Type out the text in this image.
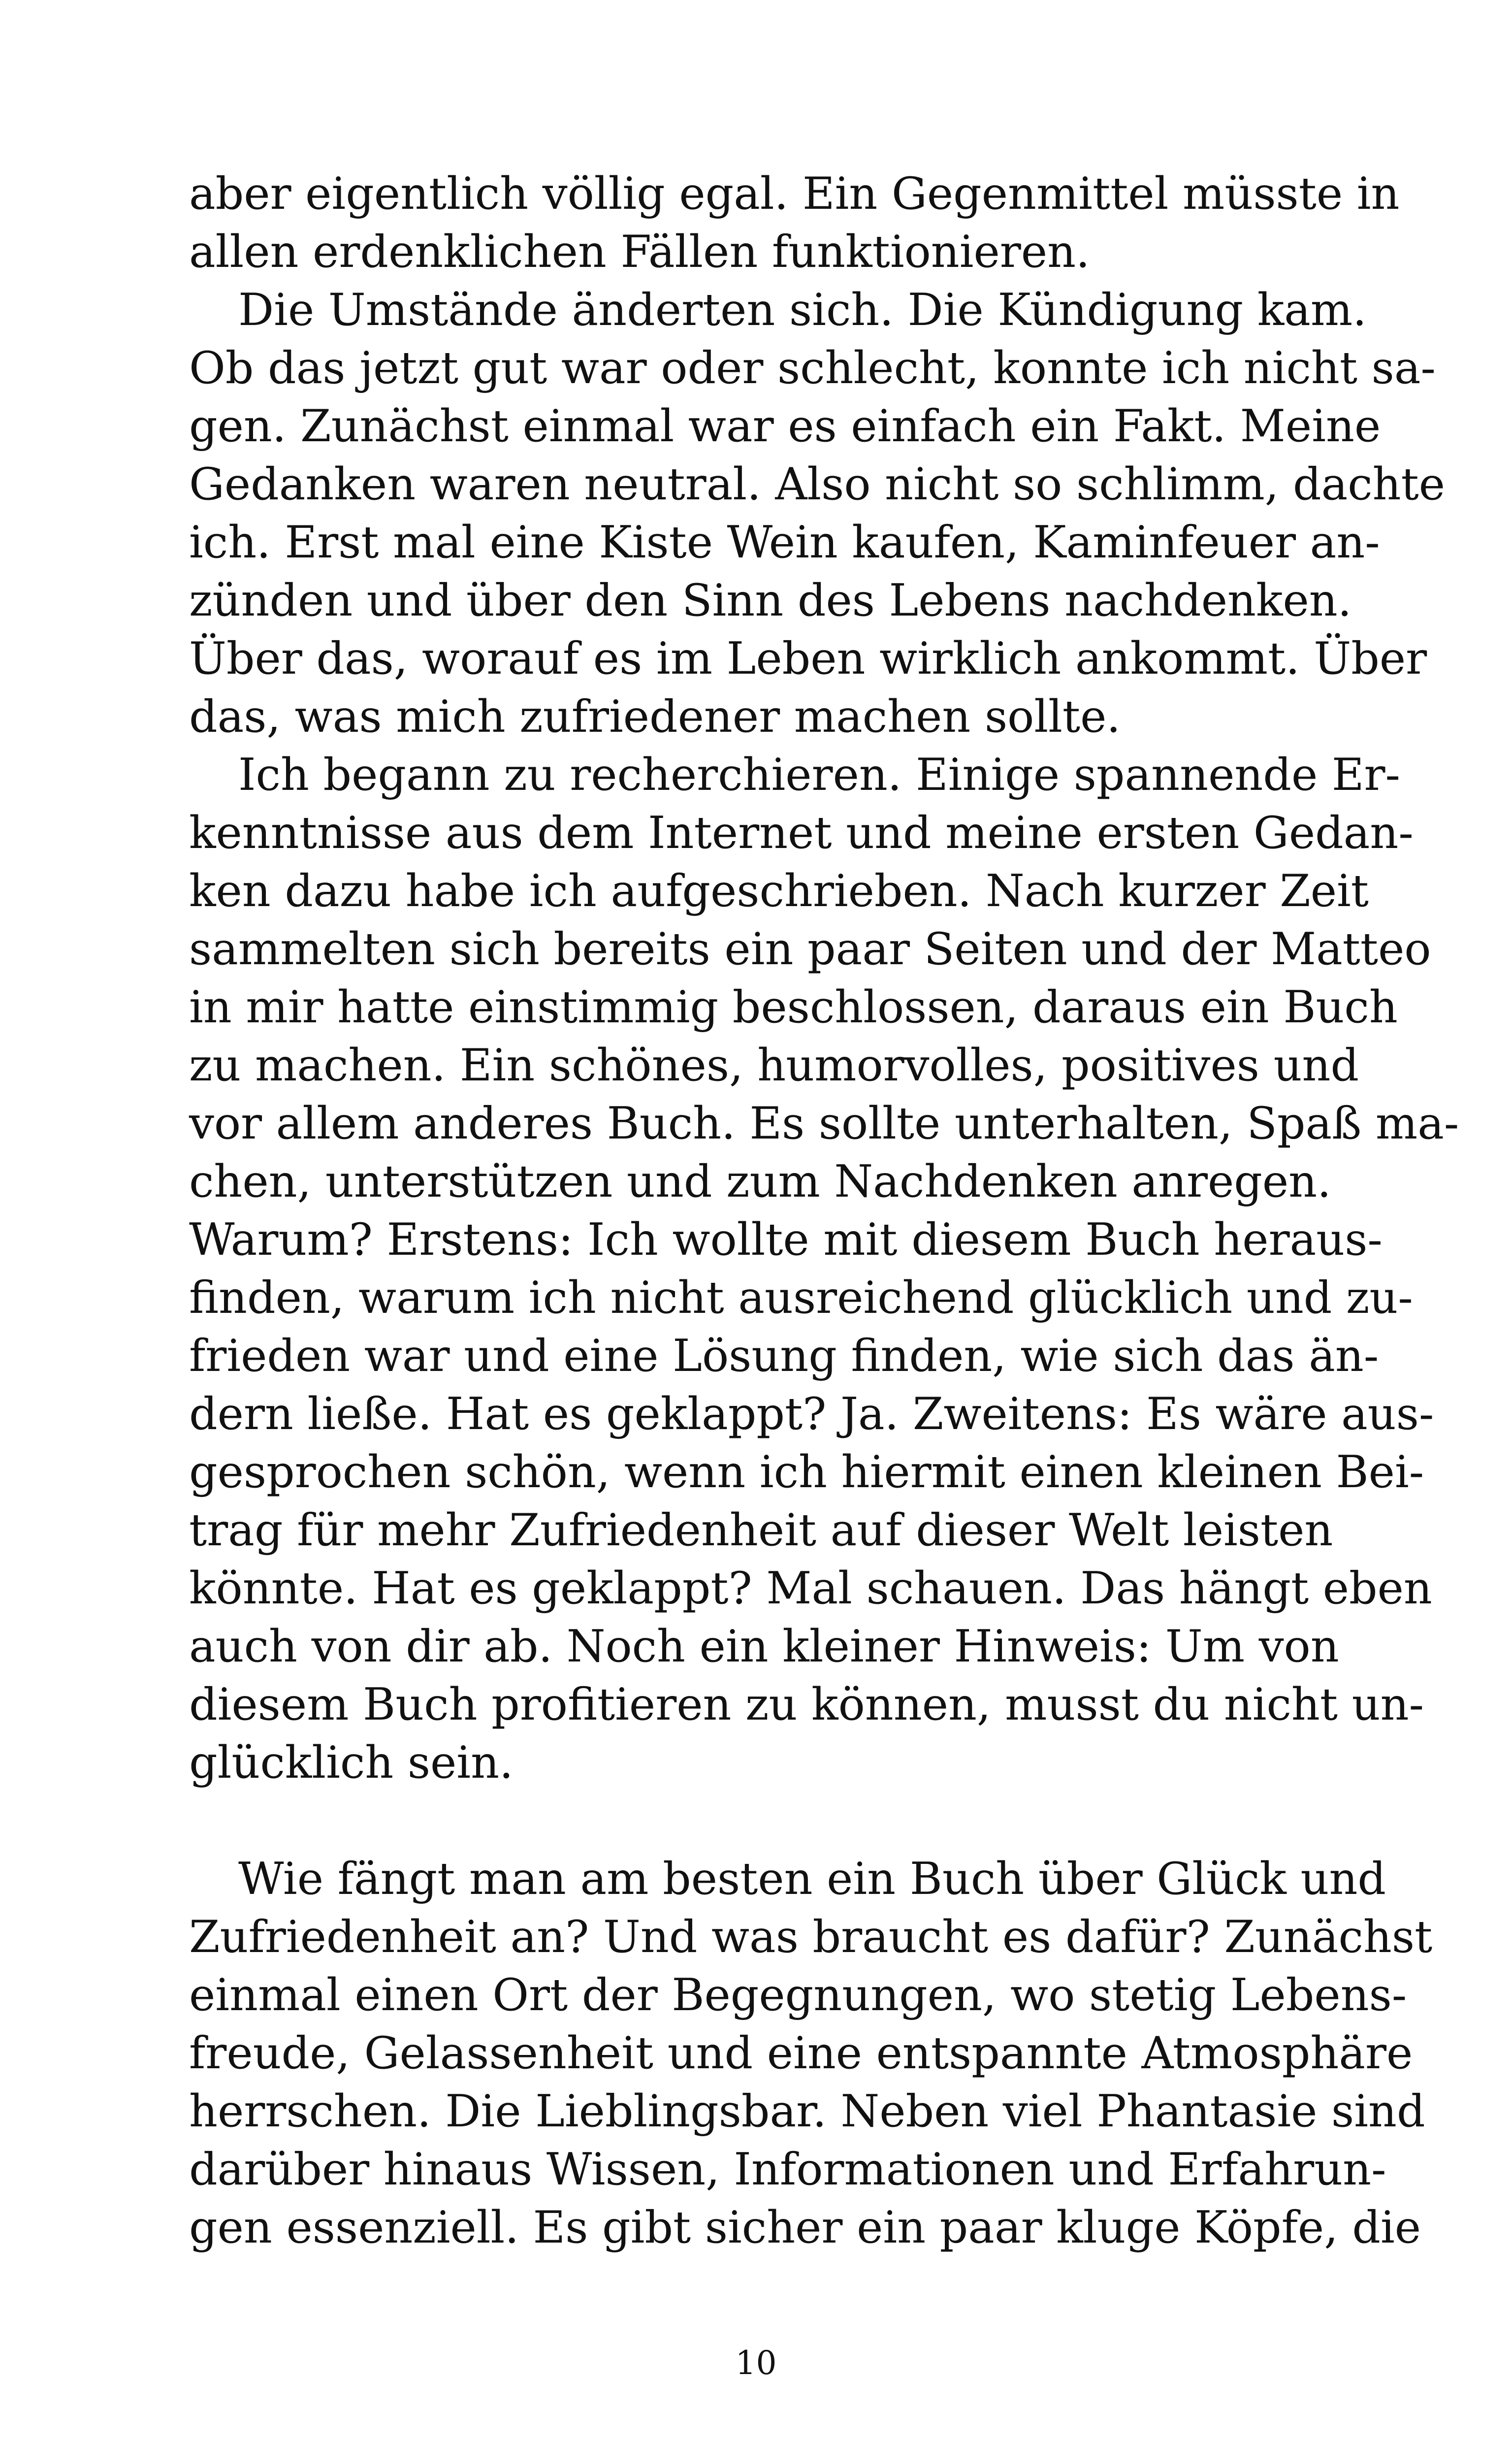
aber eigentlich völlig egal. Ein Gegenmittel müsste in
allen erdenklichen Fällen funktionieren.
Die Umstände änderten sich. Die Kündigung kam.
Ob das jetzt gut war oder schlecht, konnte ich nicht sa-
gen. Zunächst einmal war es einfach ein Fakt. Meine
Gedanken waren neutral. Also nicht so schlimm, dachte
ich. Erst mal eine Kiste Wein kaufen, Kaminfeuer an-
zünden und über den Sinn des Lebens nachdenken.
Über das, worauf es im Leben wirklich ankommt. Über
das, was mich zufriedener machen sollte.
Ich begann zu recherchieren. Einige spannende Er-
kenntnisse aus dem Internet und meine ersten Gedan-
ken dazu habe ich aufgeschrieben. Nach kurzer Zeit
sammelten sich bereits ein paar Seiten und der Matteo
in mir hatte einstimmig beschlossen, daraus ein Buch
zu machen. Ein schönes, humorvolles, positives und
vor allem anderes Buch. Es sollte unterhalten, Spaß ma-
chen, unterstützen und zum Nachdenken anregen.
Warum? Erstens: Ich wollte mit diesem Buch heraus-
finden, warum ich nicht ausreichend glücklich und zu-
frieden war und eine Lösung finden, wie sich das än-
dern ließe. Hat es geklappt? Ja. Zweitens: Es wäre aus-
gesprochen schön, wenn ich hiermit einen kleinen Bei-
trag für mehr Zufriedenheit auf dieser Welt leisten
könnte. Hat es geklappt? Mal schauen. Das hängt eben
auch von dir ab. Noch ein kleiner Hinweis: Um von
diesem Buch profitieren zu können, musst du nicht un-
glücklich sein.
Wie fängt man am besten ein Buch über Glück und
Zufriedenheit an? Und was braucht es dafür? Zunächst
einmal einen Ort der Begegnungen, wo stetig Lebens-
freude, Gelassenheit und eine entspannte Atmosphäre
herrschen. Die Lieblingsbar. Neben viel Phantasie sind
darüber hinaus Wissen, Informationen und Erfahrun-
gen essenziell. Es gibt sicher ein paar kluge Köpfe, die
10
